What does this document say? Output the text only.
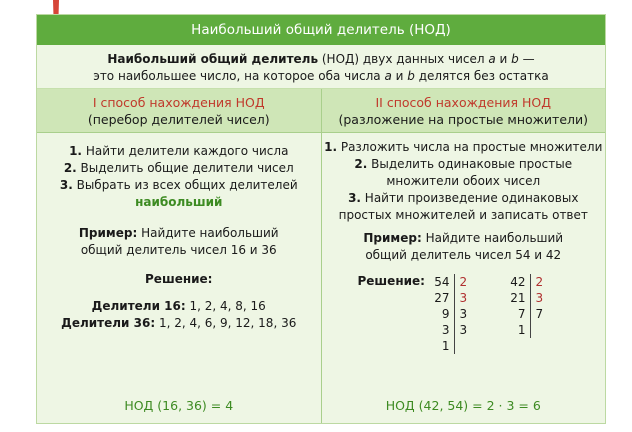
Наибольший общий делитель (НОД)
Наибольший общий делитель (НОД) двух данных чисел a и b —
это наибольшее число, на которое оба числа a и b делятся без остатка
I способ нахождения НОД
(перебор делителей чисел)
1. Найти делители каждого числа
2. Выделить общие делители чисел
3. Выбрать из всех общих делителей
наибольший
Пример: Найдите наибольший
общий делитель чисел 16 и 36
Решение:
Делители 16: 1, 2, 4, 8, 16
Делители 36: 1, 2, 4, 6, 9, 12, 18, 36
НОД (16, 36) = 4
II способ нахождения НОД
(разложение на простые множители)
1. Разложить числа на простые множители
2. Выделить одинаковые простые
множители обоих чисел
3. Найти произведение одинаковых
простых множителей и записать ответ
Пример: Найдите наибольший
общий делитель чисел 54 и 42
Решение: 54
27
9
3
1
2
3
3
3
42
21
7
1
2
3
7
НОД (42, 54) = 2 · 3 = 6
